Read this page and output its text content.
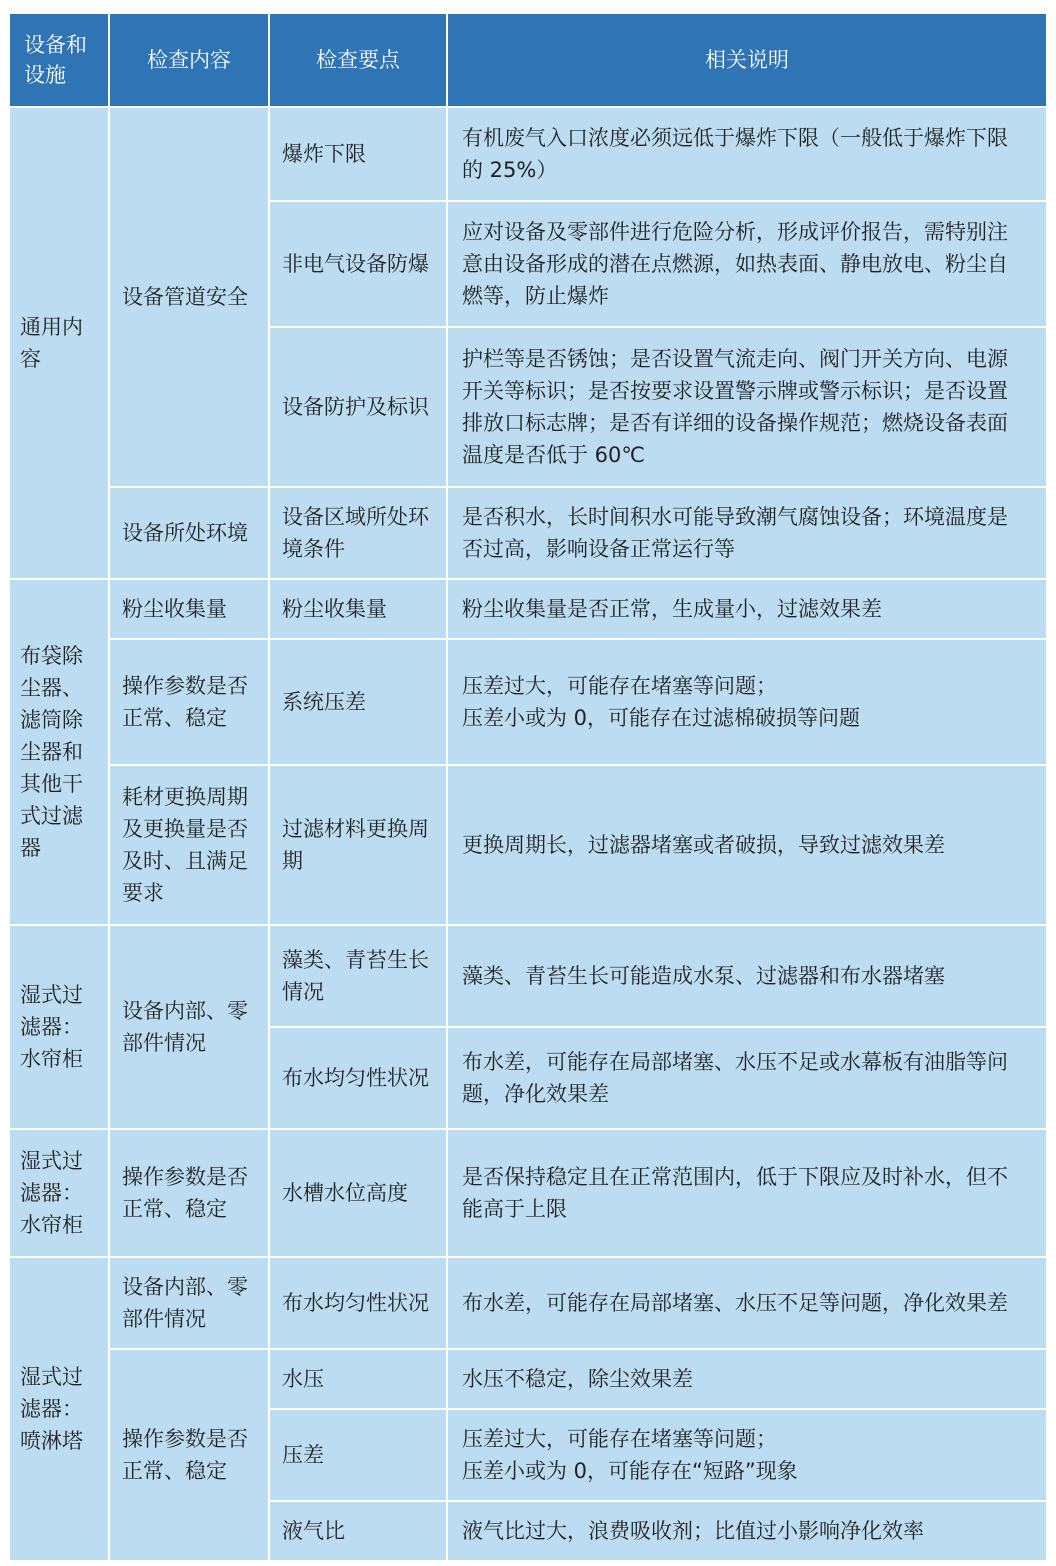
设备和设施	检查内容	检查要点	相关说明
通用内容	设备管道安全	爆炸下限	有机废气入口浓度必须远低于爆炸下限（一般低于爆炸下限的 25%）
		非电气设备防爆	应对设备及零部件进行危险分析，形成评价报告，需特别注意由设备形成的潜在点燃源，如热表面、静电放电、粉尘自燃等，防止爆炸
		设备防护及标识	护栏等是否锈蚀；是否设置气流走向、阀门开关方向、电源开关等标识；是否按要求设置警示牌或警示标识；是否设置排放口标志牌；是否有详细的设备操作规范；燃烧设备表面温度是否低于 60℃
	设备所处环境	设备区域所处环境条件	是否积水，长时间积水可能导致潮气腐蚀设备；环境温度是否过高，影响设备正常运行等
布袋除尘器、滤筒除尘器和其他干式过滤器	粉尘收集量	粉尘收集量	粉尘收集量是否正常，生成量小，过滤效果差
	操作参数是否正常、稳定	系统压差	压差过大，可能存在堵塞等问题；
压差小或为 0，可能存在过滤棉破损等问题

	耗材更换周期及更换量是否及时、且满足要求	过滤材料更换周期	更换周期长，过滤器堵塞或者破损，导致过滤效果差
湿式过滤器：水帘柜	设备内部、零部件情况	藻类、青苔生长情况	藻类、青苔生长可能造成水泵、过滤器和布水器堵塞
		布水均匀性状况	布水差，可能存在局部堵塞、水压不足或水幕板有油脂等问题，净化效果差
湿式过滤器：水帘柜	操作参数是否正常、稳定	水槽水位高度	是否保持稳定且在正常范围内，低于下限应及时补水，但不能高于上限
湿式过滤器：喷淋塔	设备内部、零部件情况	布水均匀性状况	布水差，可能存在局部堵塞、水压不足等问题，净化效果差
	操作参数是否正常、稳定	水压	水压不稳定，除尘效果差
		压差	压差过大，可能存在堵塞等问题；
压差小或为 0，可能存在“短路”现象

		液气比	液气比过大，浪费吸收剂；比值过小影响净化效率
